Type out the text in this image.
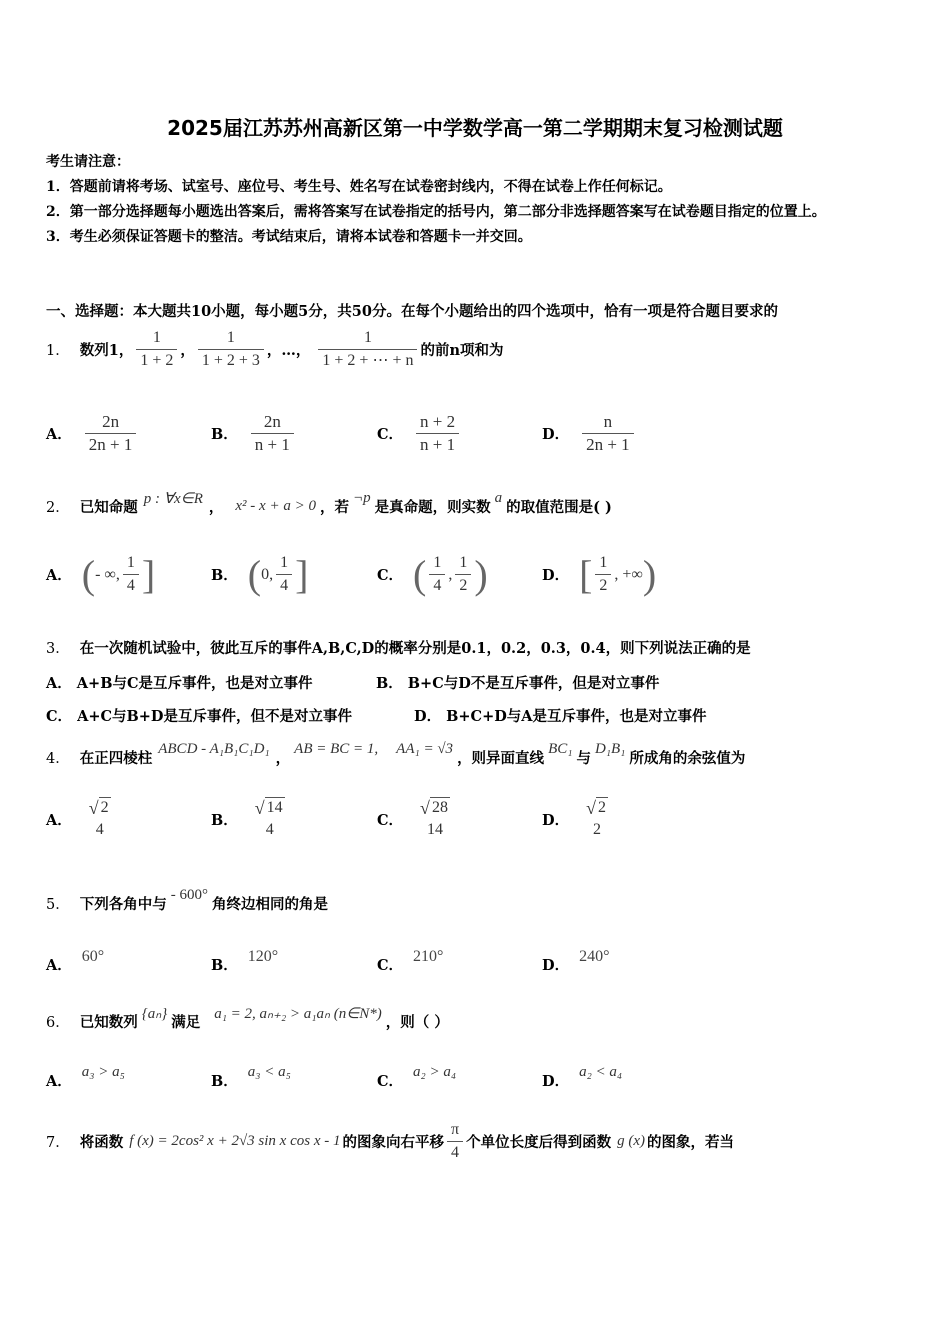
2025届江苏苏州高新区第一中学数学高一第二学期期末复习检测试题
考生请注意：
1．答题前请将考场、试室号、座位号、考生号、姓名写在试卷密封线内，不得在试卷上作任何标记。
2．第一部分选择题每小题选出答案后，需将答案写在试卷指定的括号内，第二部分非选择题答案写在试卷题目指定的位置上。
3．考生必须保证答题卡的整洁。考试结束后，请将本试卷和答题卡一并交回。
一、选择题：本大题共10小题，每小题5分，共50分。在每个小题给出的四个选项中，恰有一项是符合题目要求的
1． 数列1， $\frac{1}{1 + 2}$ ， $\frac{1}{1 + 2 + 3}$ ，…， $\frac{1}{1 + 2 + \cdots + n}$ 的前n项和为
A． $\frac{2n}{2n + 1}$	B． $\frac{2n}{n + 1}$	C． $\frac{n + 2}{n + 1}$	D． $\frac{n}{2n + 1}$
2． 已知命题 p : ∀x∈R ， x² - x + a > 0 ，若
¬p
是真命题，则实数
a
的取值范围是( )
A． ( - ∞, $\frac{1}{4}$ ]	B． ( 0, $\frac{1}{4}$ ]	C． ( $\frac{1}{4}$ , $\frac{1}{2}$ )	D． [ $\frac{1}{2}$ , +∞ )
3． 在一次随机试验中，彼此互斥的事件A,B,C,D的概率分别是0.1，0.2，0.3，0.4，则下列说法正确的是
A． A+B与C是互斥事件，也是对立事件	B． B+C与D不是互斥事件，但是对立事件
C． A+C与B+D是互斥事件，但不是对立事件	D． B+C+D与A是互斥事件，也是对立事件
4． 在正四棱柱
ABCD - A₁B₁C₁D₁
，
AB = BC = 1, AA₁ = √3
，则异面直线
BC₁
与
D₁B₁
所成角的余弦值为
A．
√ 2
4
B．
√ 14
4
C．
√ 28
14
D．
√ 2
2
5． 下列各角中与
- 600°
角终边相同的角是
A．
60°
B．
120°
C．
210°
D．
240°
6． 已知数列 {aₙ} 满足 a₁ = 2, aₙ₊₂ > a₁aₙ (n∈N*) ，则（ ）
A．
a₃ > a₅
B．
a₃ < a₅
C．
a₂ > a₄
D．
a₂ < a₄
7． 将函数 f (x) = 2cos² x + 2√3 sin x cos x - 1 的图象向右平移 $\frac{\pi}{4}$ 个单位长度后得到函数 g (x) 的图象，若当
